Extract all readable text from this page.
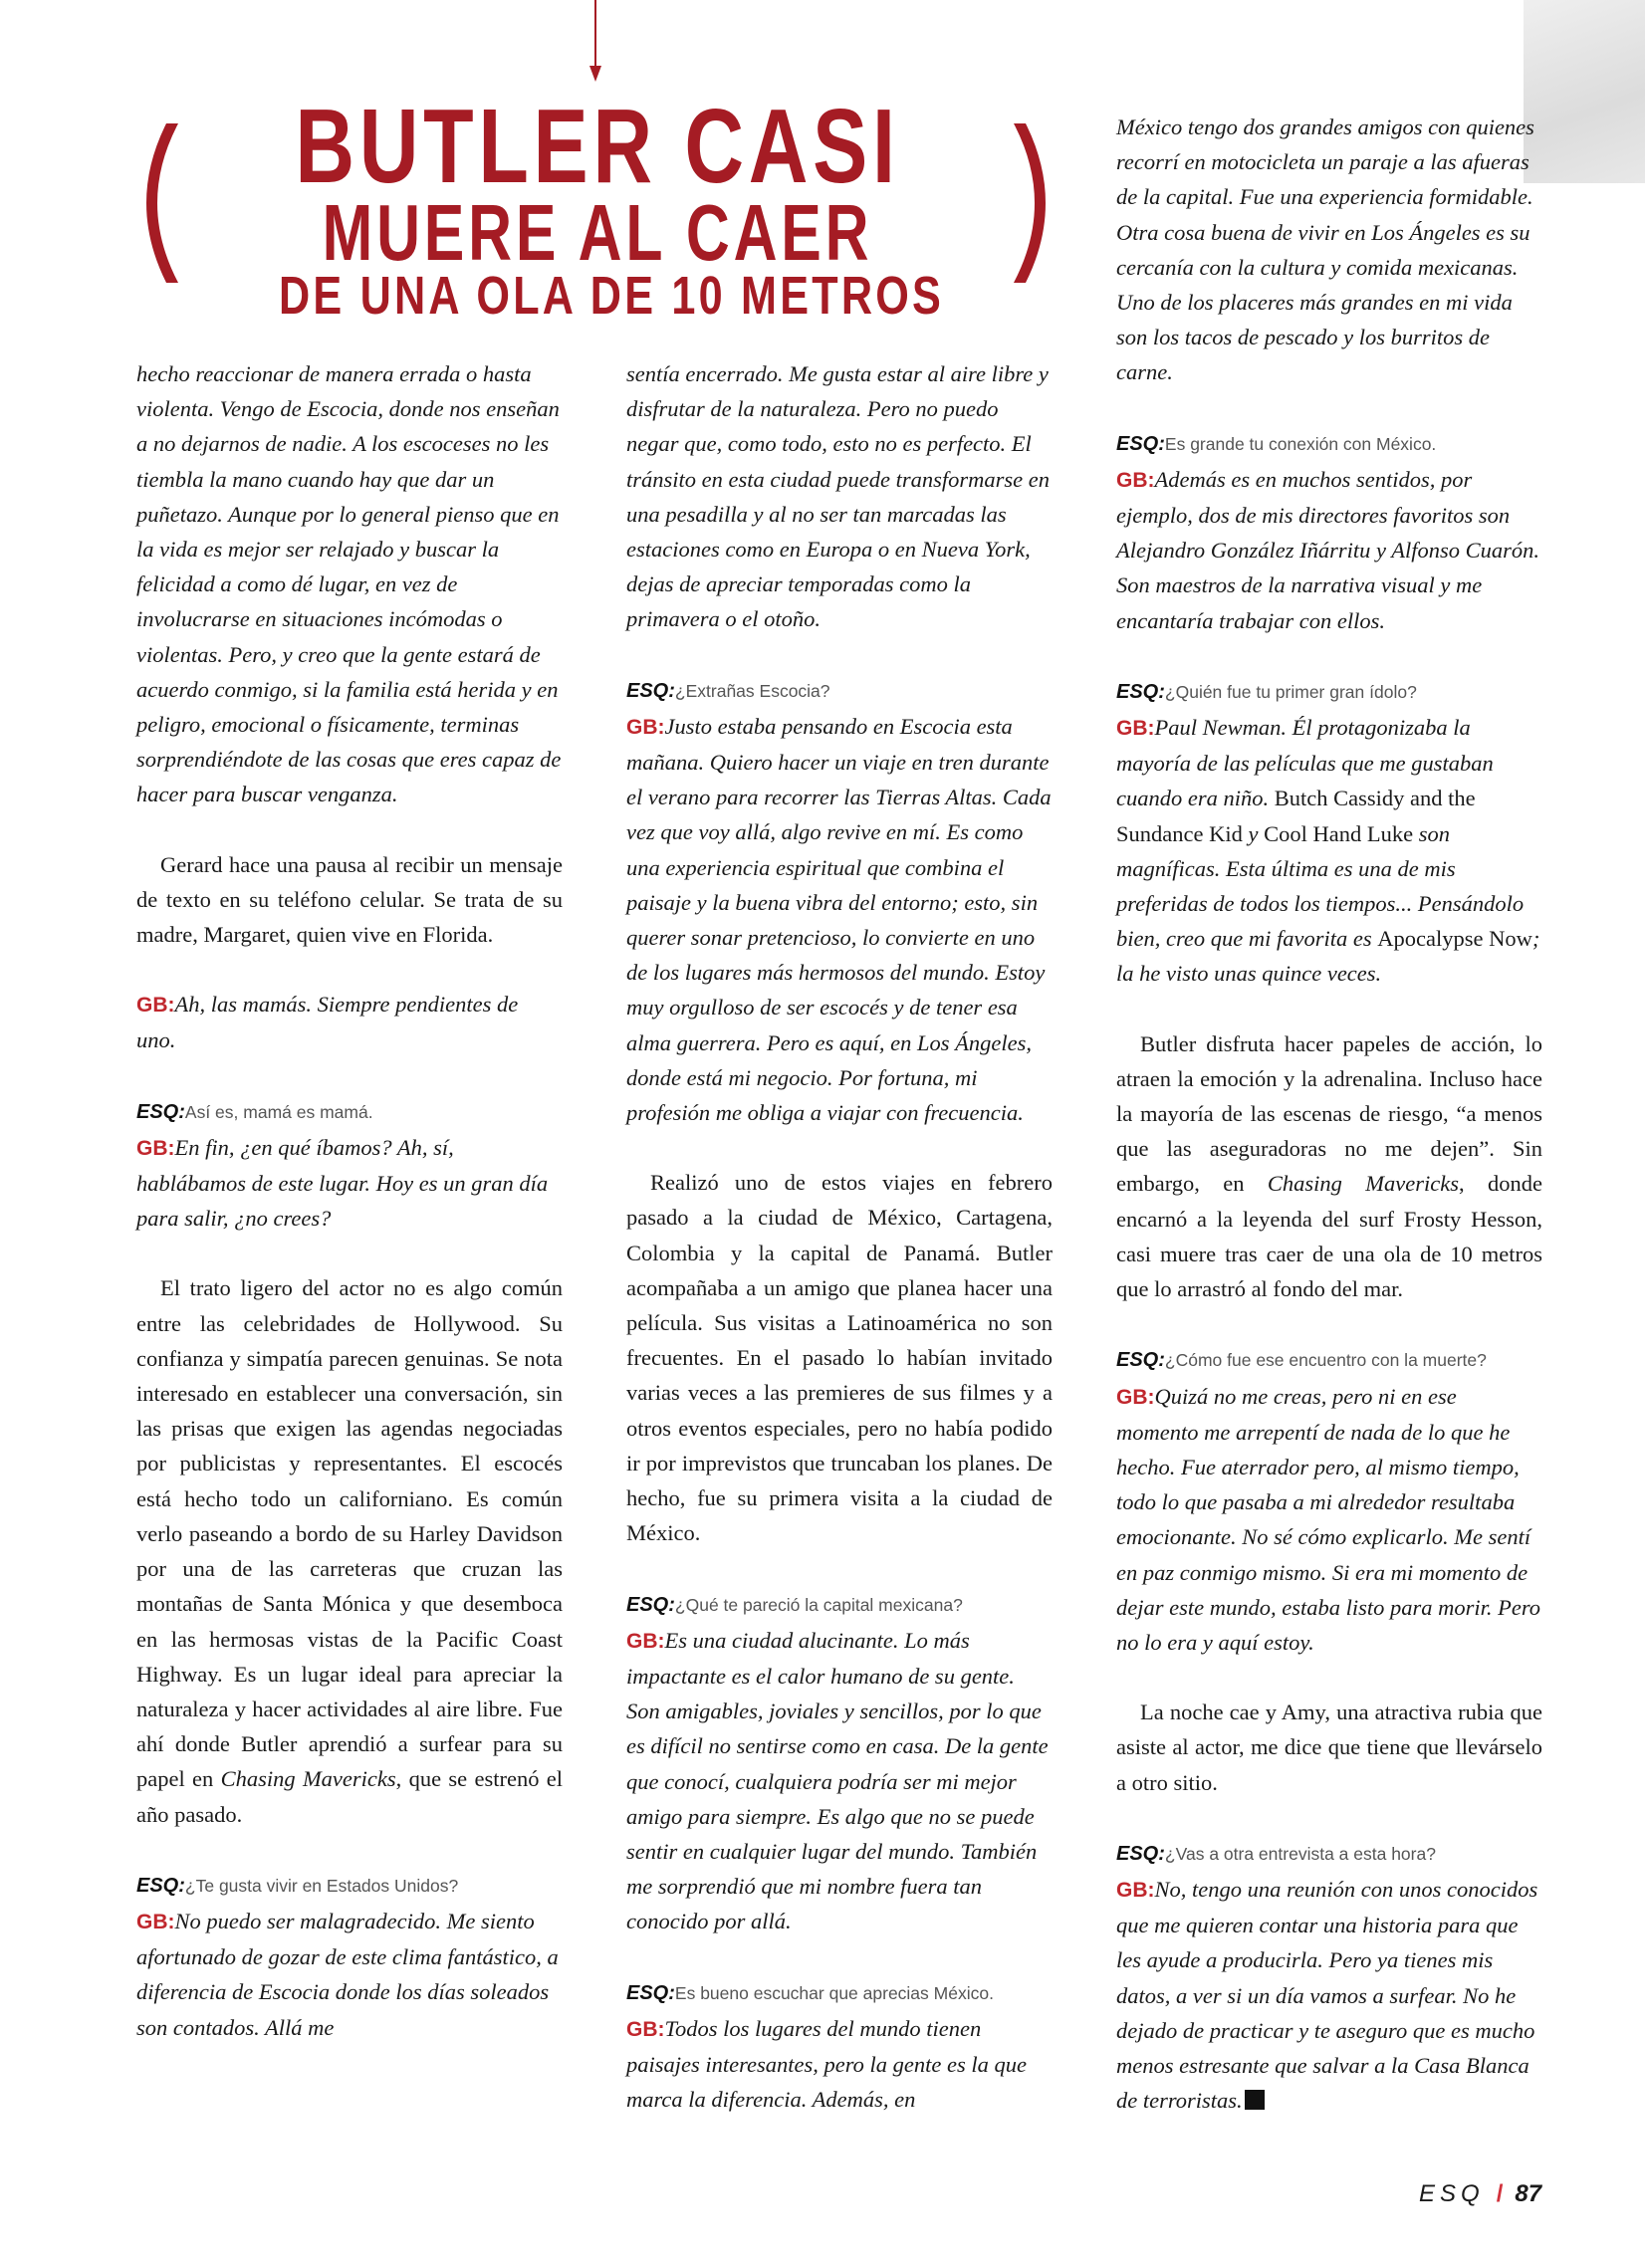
BUTLER CASI
MUERE AL CAER
DE UNA OLA DE 10 METROS

hecho reaccionar de manera errada o hasta violenta. Vengo de Escocia, donde nos enseñan a no dejarnos de nadie. A los escoceses no les tiembla la mano cuando hay que dar un puñetazo. Aunque por lo general pienso que en la vida es mejor ser relajado y buscar la felicidad a como dé lugar, en vez de involucrarse en situaciones incómodas o violentas. Pero, y creo que la gente estará de acuerdo conmigo, si la familia está herida y en peligro, emocional o físicamente, terminas sorprendiéndote de las cosas que eres capaz de hacer para buscar venganza.

Gerard hace una pausa al recibir un mensaje de texto en su teléfono celular. Se trata de su madre, Margaret, quien vive en Florida.

GB:Ah, las mamás. Siempre pendientes de uno.

ESQ:Así es, mamá es mamá.

GB:En fin, ¿en qué íbamos? Ah, sí, hablábamos de este lugar. Hoy es un gran día para salir, ¿no crees?

El trato ligero del actor no es algo común entre las celebridades de Hollywood. Su confianza y simpatía parecen genuinas. Se nota interesado en establecer una conversación, sin las prisas que exigen las agendas negociadas por publicistas y representantes. El escocés está hecho todo un californiano. Es común verlo paseando a bordo de su Harley Davidson por una de las carreteras que cruzan las montañas de Santa Mónica y que desemboca en las hermosas vistas de la Pacific Coast Highway. Es un lugar ideal para apreciar la naturaleza y hacer actividades al aire libre. Fue ahí donde Butler aprendió a surfear para su papel en Chasing Mavericks, que se estrenó el año pasado.

ESQ:¿Te gusta vivir en Estados Unidos?

GB:No puedo ser malagradecido. Me siento afortunado de gozar de este clima fantástico, a diferencia de Escocia donde los días soleados son contados. Allá me

sentía encerrado. Me gusta estar al aire libre y disfrutar de la naturaleza. Pero no puedo negar que, como todo, esto no es perfecto. El tránsito en esta ciudad puede transformarse en una pesadilla y al no ser tan marcadas las estaciones como en Europa o en Nueva York, dejas de apreciar temporadas como la primavera o el otoño.

ESQ:¿Extrañas Escocia?

GB:Justo estaba pensando en Escocia esta mañana. Quiero hacer un viaje en tren durante el verano para recorrer las Tierras Altas. Cada vez que voy allá, algo revive en mí. Es como una experiencia espiritual que combina el paisaje y la buena vibra del entorno; esto, sin querer sonar pretencioso, lo convierte en uno de los lugares más hermosos del mundo. Estoy muy orgulloso de ser escocés y de tener esa alma guerrera. Pero es aquí, en Los Ángeles, donde está mi negocio. Por fortuna, mi profesión me obliga a viajar con frecuencia.

Realizó uno de estos viajes en febrero pasado a la ciudad de México, Cartagena, Colombia y la capital de Panamá. Butler acompañaba a un amigo que planea hacer una película. Sus visitas a Latinoamérica no son frecuentes. En el pasado lo habían invitado varias veces a las premieres de sus filmes y a otros eventos especiales, pero no había podido ir por imprevistos que truncaban los planes. De hecho, fue su primera visita a la ciudad de México.

ESQ:¿Qué te pareció la capital mexicana?

GB:Es una ciudad alucinante. Lo más impactante es el calor humano de su gente. Son amigables, joviales y sencillos, por lo que es difícil no sentirse como en casa. De la gente que conocí, cualquiera podría ser mi mejor amigo para siempre. Es algo que no se puede sentir en cualquier lugar del mundo. También me sorprendió que mi nombre fuera tan conocido por allá.

ESQ:Es bueno escuchar que aprecias México.

GB:Todos los lugares del mundo tienen paisajes interesantes, pero la gente es la que marca la diferencia. Además, en

México tengo dos grandes amigos con quienes recorrí en motocicleta un paraje a las afueras de la capital. Fue una experiencia formidable. Otra cosa buena de vivir en Los Ángeles es su cercanía con la cultura y comida mexicanas. Uno de los placeres más grandes en mi vida son los tacos de pescado y los burritos de carne.

ESQ:Es grande tu conexión con México.

GB:Además es en muchos sentidos, por ejemplo, dos de mis directores favoritos son Alejandro González Iñárritu y Alfonso Cuarón. Son maestros de la narrativa visual y me encantaría trabajar con ellos.

ESQ:¿Quién fue tu primer gran ídolo?

GB:Paul Newman. Él protagonizaba la mayoría de las películas que me gustaban cuando era niño. Butch Cassidy and the Sundance Kid y Cool Hand Luke son magníficas. Esta última es una de mis preferidas de todos los tiempos... Pensándolo bien, creo que mi favorita es Apocalypse Now; la he visto unas quince veces.

Butler disfruta hacer papeles de acción, lo atraen la emoción y la adrenalina. Incluso hace la mayoría de las escenas de riesgo, “a menos que las aseguradoras no me dejen”. Sin embargo, en Chasing Mavericks, donde encarnó a la leyenda del surf Frosty Hesson, casi muere tras caer de una ola de 10 metros que lo arrastró al fondo del mar.

ESQ:¿Cómo fue ese encuentro con la muerte?

GB:Quizá no me creas, pero ni en ese momento me arrepentí de nada de lo que he hecho. Fue aterrador pero, al mismo tiempo, todo lo que pasaba a mi alrededor resultaba emocionante. No sé cómo explicarlo. Me sentí en paz conmigo mismo. Si era mi momento de dejar este mundo, estaba listo para morir. Pero no lo era y aquí estoy.

La noche cae y Amy, una atractiva rubia que asiste al actor, me dice que tiene que llevárselo a otro sitio.

ESQ:¿Vas a otra entrevista a esta hora?

GB:No, tengo una reunión con unos conocidos que me quieren contar una historia para que les ayude a producirla. Pero ya tienes mis datos, a ver si un día vamos a surfear. No he dejado de practicar y te aseguro que es mucho menos estresante que salvar a la Casa Blanca de terroristas.

ESQ / 87
